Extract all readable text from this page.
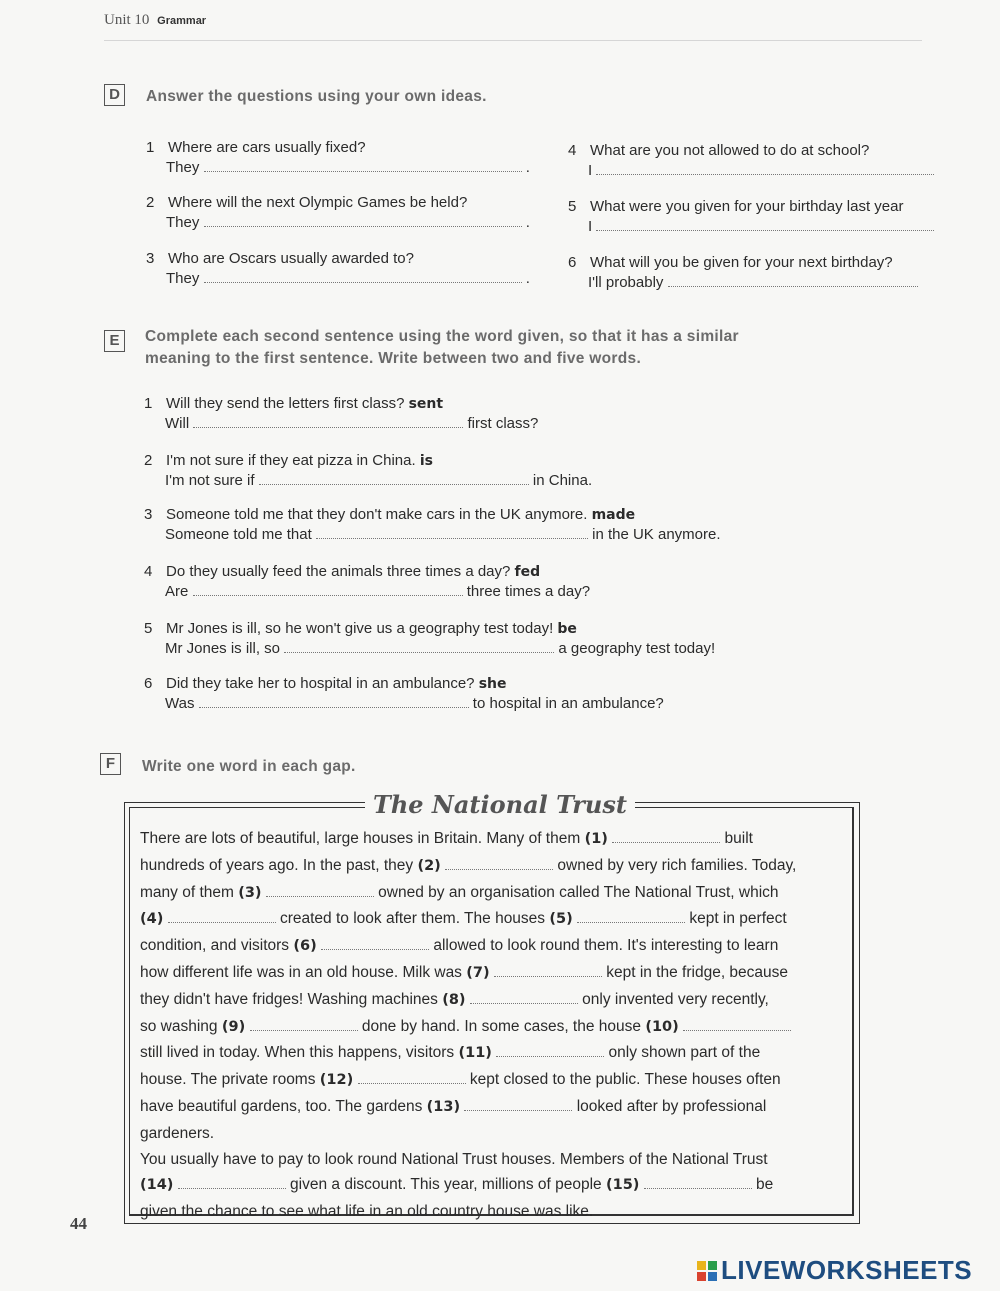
Unit 10 Grammar
D	Answer the questions using your own ideas.
1 Where are cars usually fixed?
They	.
2 Where will the next Olympic Games be held?
They	.
3 Who are Oscars usually awarded to?
They	.
4 What are you not allowed to do at school?
I
5 What were you given for your birthday last year
I
6 What will you be given for your next birthday?
I'll probably
E	Complete each second sentence using the word given, so that it has a similar
meaning to the first sentence. Write between two and five words.
1 Will they send the letters first class? sent
Will	first class?
2 I'm not sure if they eat pizza in China. is
I'm not sure if	in China.
3 Someone told me that they don't make cars in the UK anymore. made
Someone told me that	in the UK anymore.
4 Do they usually feed the animals three times a day? fed
Are	three times a day?
5 Mr Jones is ill, so he won't give us a geography test today! be
Mr Jones is ill, so	a geography test today!
6 Did they take her to hospital in an ambulance? she
Was	to hospital in an ambulance?
F	Write one word in each gap.
The National Trust
There are lots of beautiful, large houses in Britain. Many of them (1)	built
hundreds of years ago. In the past, they (2)	owned by very rich families. Today,
many of them (3)	owned by an organisation called The National Trust, which
(4)	created to look after them. The houses (5)	kept in perfect
condition, and visitors (6)	allowed to look round them. It's interesting to learn
how different life was in an old house. Milk was (7)	kept in the fridge, because
they didn't have fridges! Washing machines (8)	only invented very recently,
so washing (9)	done by hand. In some cases, the house (10)
still lived in today. When this happens, visitors (11)	only shown part of the
house. The private rooms (12)	kept closed to the public. These houses often
have beautiful gardens, too. The gardens (13)	looked after by professional
gardeners.
You usually have to pay to look round National Trust houses. Members of the National Trust
(14)	given a discount. This year, millions of people (15)	be
given the chance to see what life in an old country house was like.
44
LIVEWORKSHEETS
